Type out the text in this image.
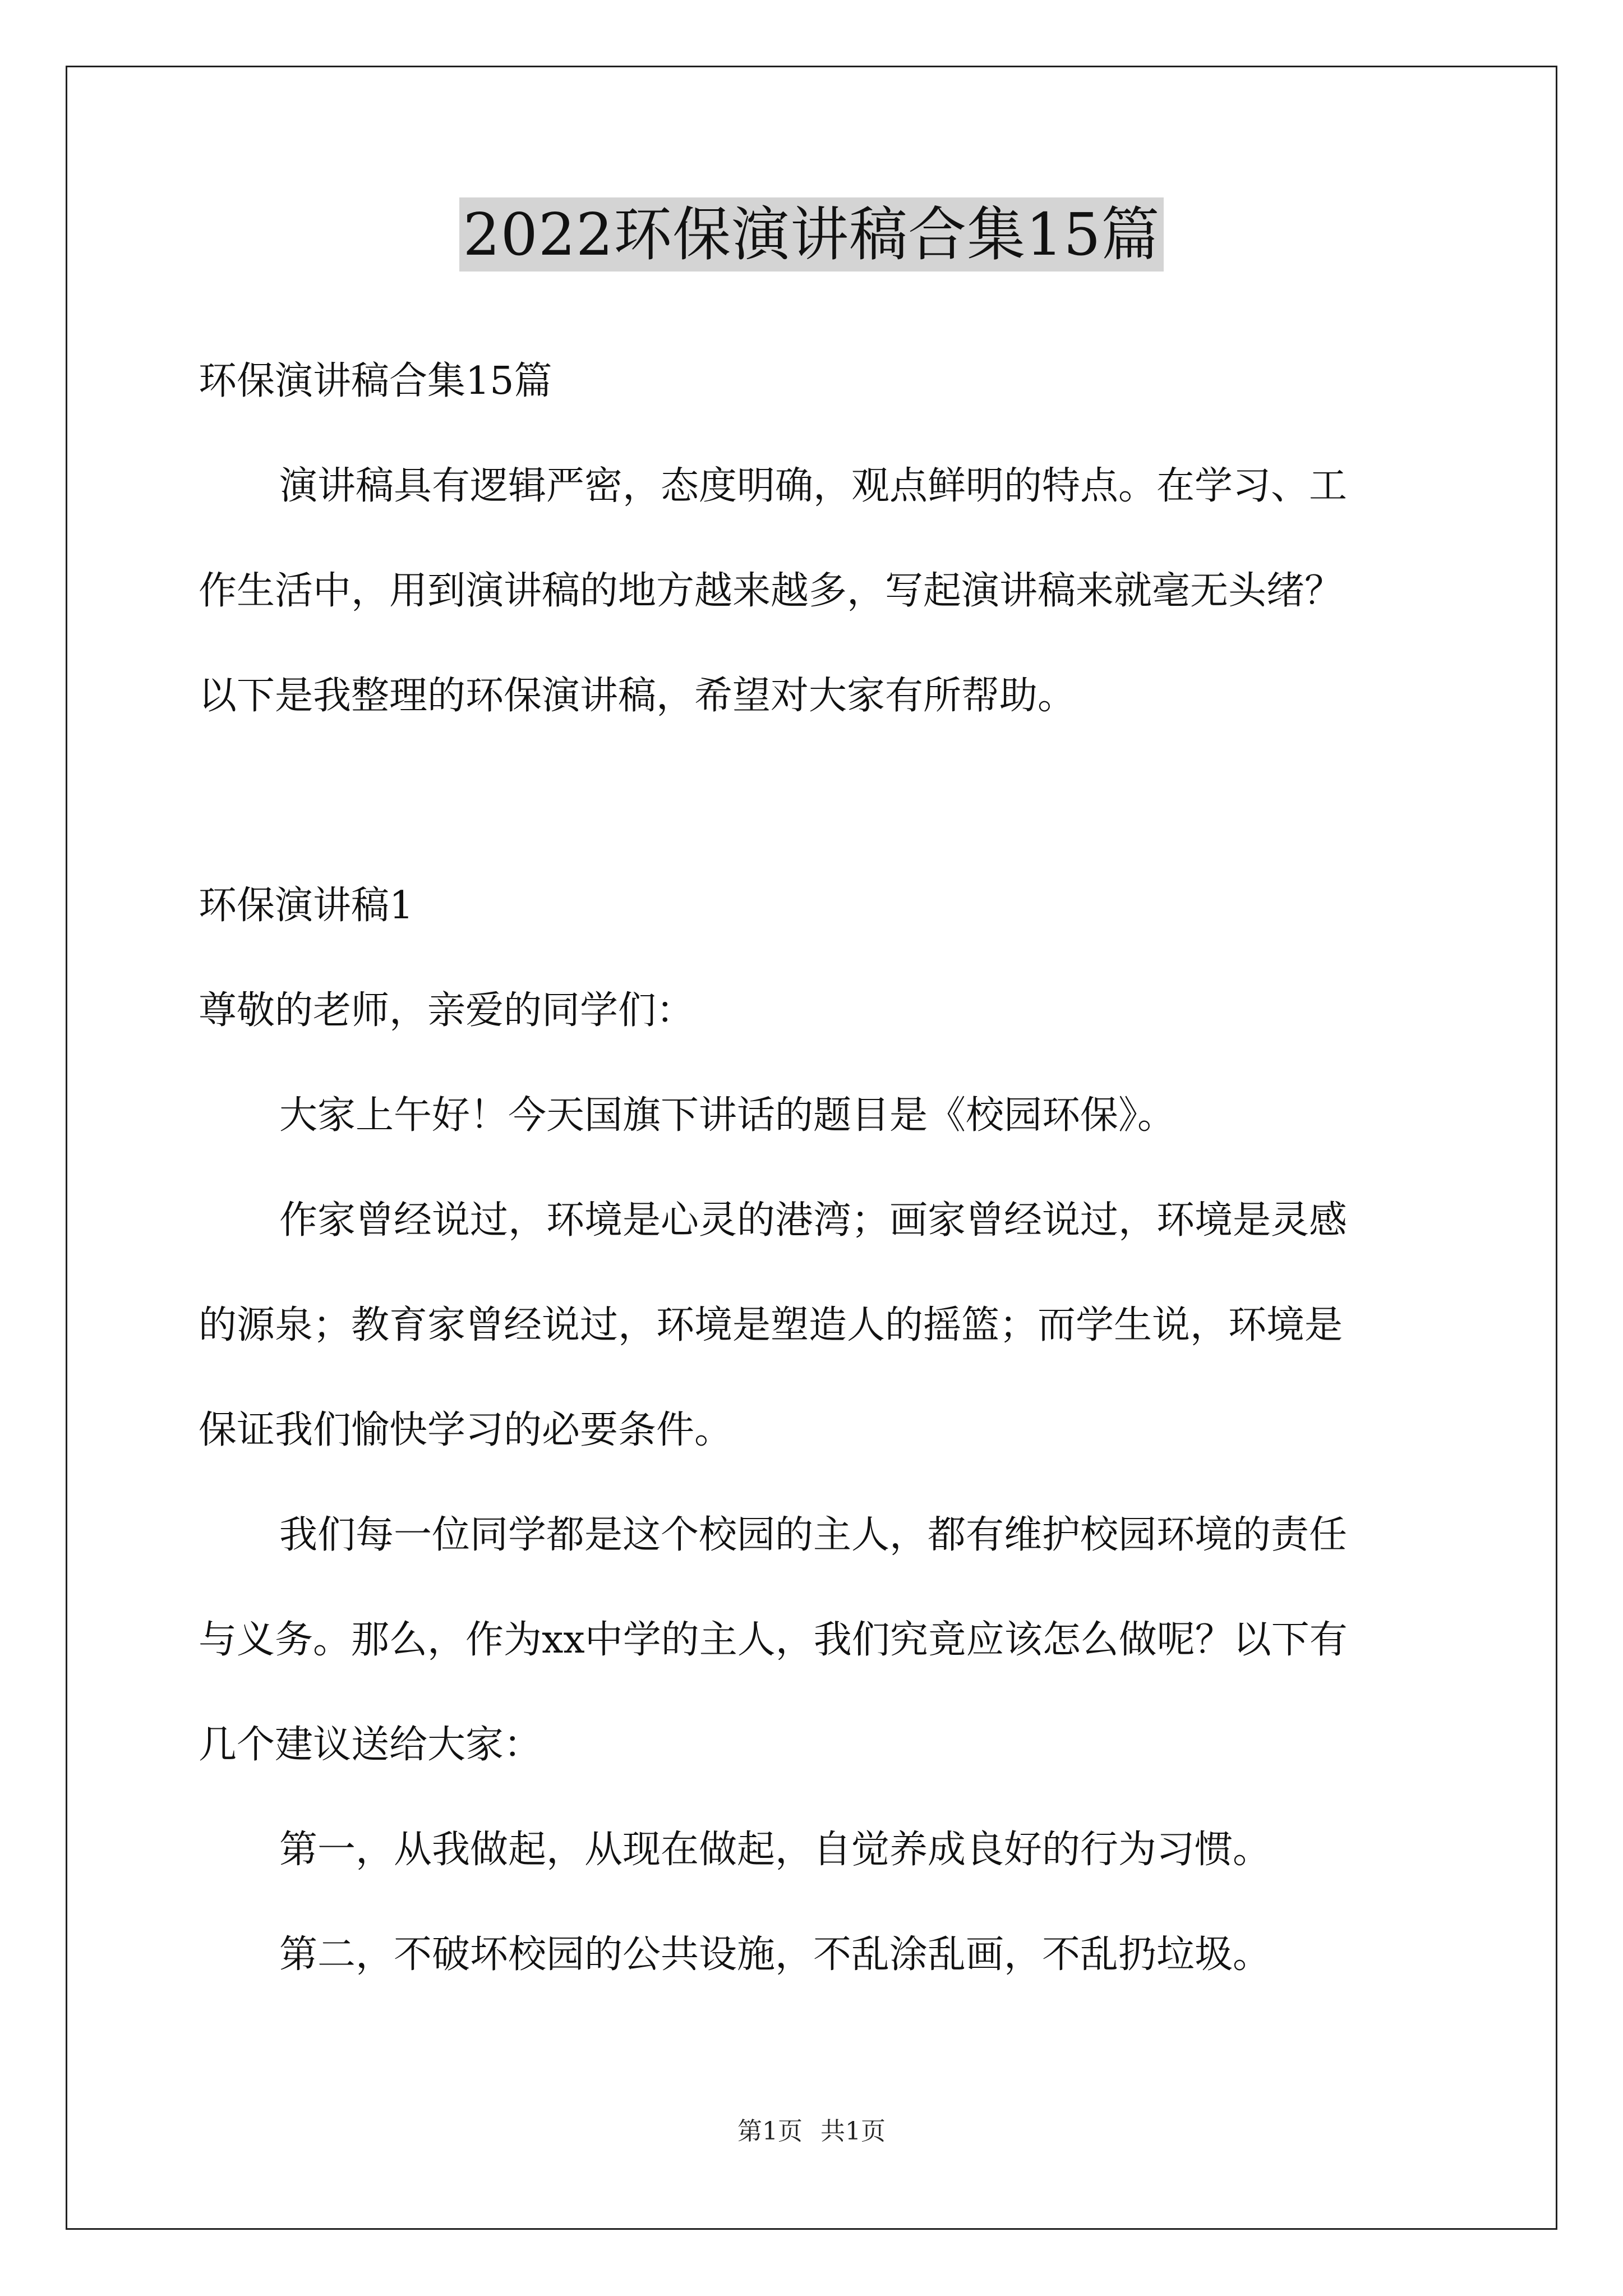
2022环保演讲稿合集15篇

环保演讲稿合集15篇

演讲稿具有逻辑严密，态度明确，观点鲜明的特点。在学习、工

作生活中，用到演讲稿的地方越来越多，写起演讲稿来就毫无头绪？

以下是我整理的环保演讲稿，希望对大家有所帮助。

环保演讲稿1

尊敬的老师，亲爱的同学们：

大家上午好！今天国旗下讲话的题目是《校园环保》。

作家曾经说过，环境是心灵的港湾；画家曾经说过，环境是灵感

的源泉；教育家曾经说过，环境是塑造人的摇篮；而学生说，环境是

保证我们愉快学习的必要条件。

我们每一位同学都是这个校园的主人，都有维护校园环境的责任

与义务。那么，作为xx中学的主人，我们究竟应该怎么做呢？以下有

几个建议送给大家：

第一，从我做起，从现在做起，自觉养成良好的行为习惯。

第二，不破坏校园的公共设施，不乱涂乱画，不乱扔垃圾。

第1页 共1页
